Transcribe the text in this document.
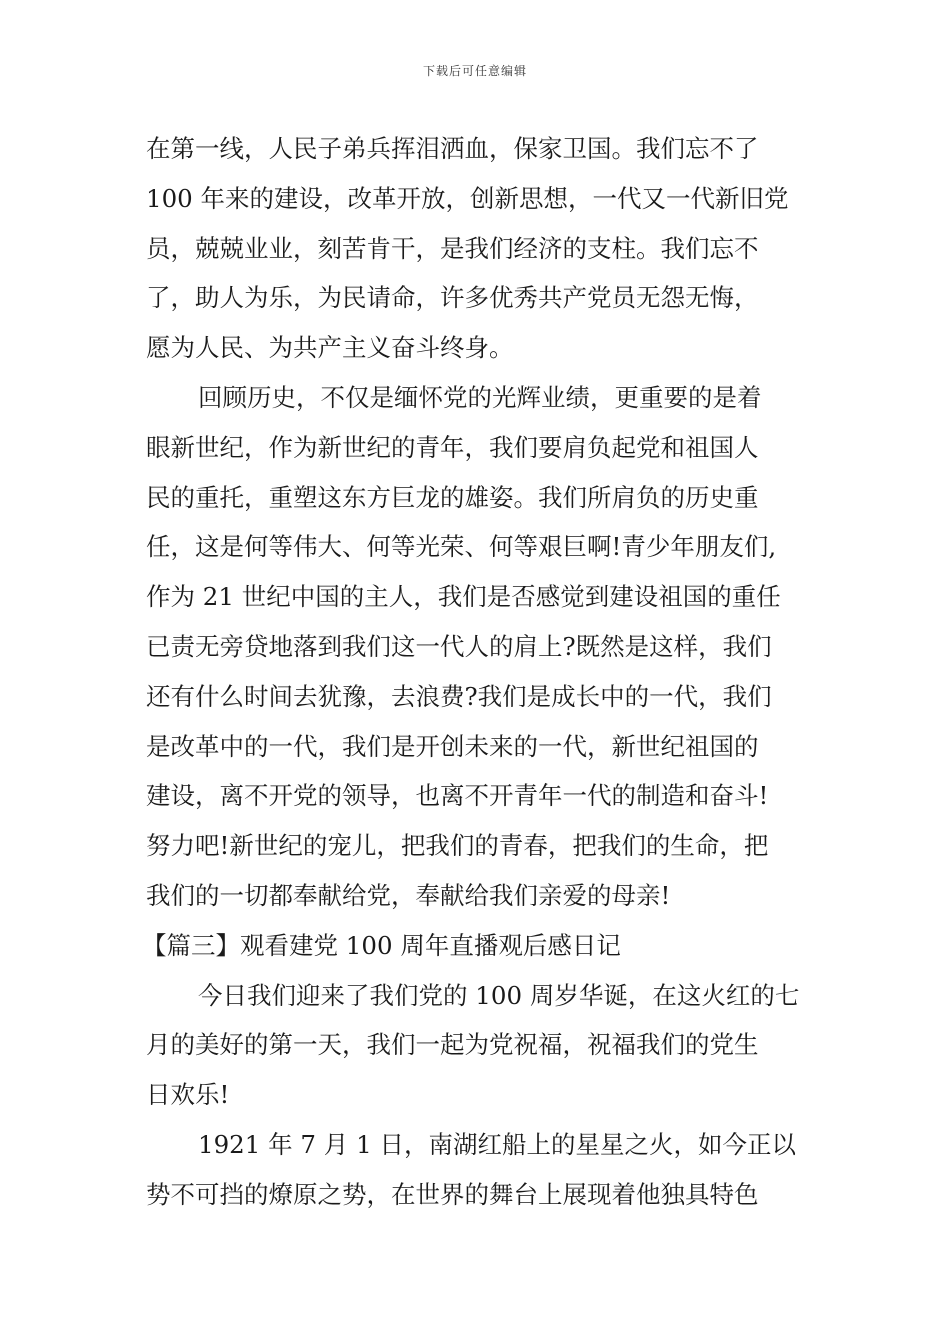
下载后可任意编辑
在第一线，人民子弟兵挥泪洒血，保家卫国。我们忘不了
100 年来的建设，改革开放，创新思想，一代又一代新旧党
员，兢兢业业，刻苦肯干，是我们经济的支柱。我们忘不
了，助人为乐，为民请命，许多优秀共产党员无怨无悔，
愿为人民、为共产主义奋斗终身。
回顾历史，不仅是缅怀党的光辉业绩，更重要的是着
眼新世纪，作为新世纪的青年，我们要肩负起党和祖国人
民的重托，重塑这东方巨龙的雄姿。我们所肩负的历史重
任，这是何等伟大、何等光荣、何等艰巨啊!青少年朋友们,
作为 21 世纪中国的主人，我们是否感觉到建设祖国的重任
已责无旁贷地落到我们这一代人的肩上?既然是这样，我们
还有什么时间去犹豫，去浪费?我们是成长中的一代，我们
是改革中的一代，我们是开创未来的一代，新世纪祖国的
建设，离不开党的领导，也离不开青年一代的制造和奋斗!
努力吧!新世纪的宠儿，把我们的青春，把我们的生命，把
我们的一切都奉献给党，奉献给我们亲爱的母亲!
【篇三】观看建党 100 周年直播观后感日记
今日我们迎来了我们党的 100 周岁华诞，在这火红的七
月的美好的第一天，我们一起为党祝福，祝福我们的党生
日欢乐!
1921 年 7 月 1 日，南湖红船上的星星之火，如今正以
势不可挡的燎原之势，在世界的舞台上展现着他独具特色
